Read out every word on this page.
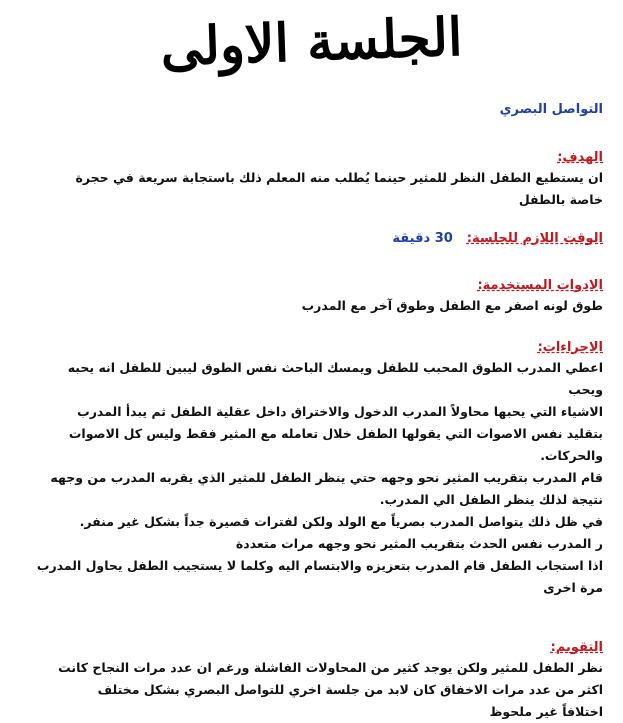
الجلسة الاولى
التواصل البصري
الهدف:
ان يستطيع الطفل النظر للمثير حينما يُطلب منه المعلم ذلك باستجابة سريعة في حجرة
خاصة بالطفل
الوقت اللازم للجلسة:
30 دقيقة
الادوات المستخدمة:
طوق لونه اصفر مع الطفل وطوق آخر مع المدرب
الاجراءات:
اعطي المدرب الطوق المحبب للطفل ويمسك الباحث نفس الطوق ليبين للطفل انه يحبه
ويحب
الاشياء التي يحبها محاولاً المدرب الدخول والاختراق داخل عقلية الطفل ثم يبدأ المدرب
بتقليد نفس الاصوات التي يقولها الطفل خلال تعامله مع المثير فقط وليس كل الاصوات
والحركات.
قام المدرب بتقريب المثير نحو وجهه حتي ينظر الطفل للمثير الذي يقربه المدرب من وجهه
نتيجة لذلك ينظر الطفل الي المدرب.
في ظل ذلك يتواصل المدرب بصرياً مع الولد ولكن لفترات قصيرة جداً بشكل غير منفر.
ر المدرب نفس الحدث بتقريب المثير نحو وجهه مرات متعددة
اذا استجاب الطفل قام المدرب بتعزيزه والابتسام اليه وكلما لا يستجيب الطفل يحاول المدرب
مرة اخرى
التقويم:
نظر الطفل للمثير ولكن يوجد كثير من المحاولات الفاشلة ورغم ان عدد مرات النجاح كانت
اكثر من عدد مرات الاخفاق كان لابد من جلسة اخري للتواصل البصري بشكل مختلف
اختلافاً غير ملحوظ
